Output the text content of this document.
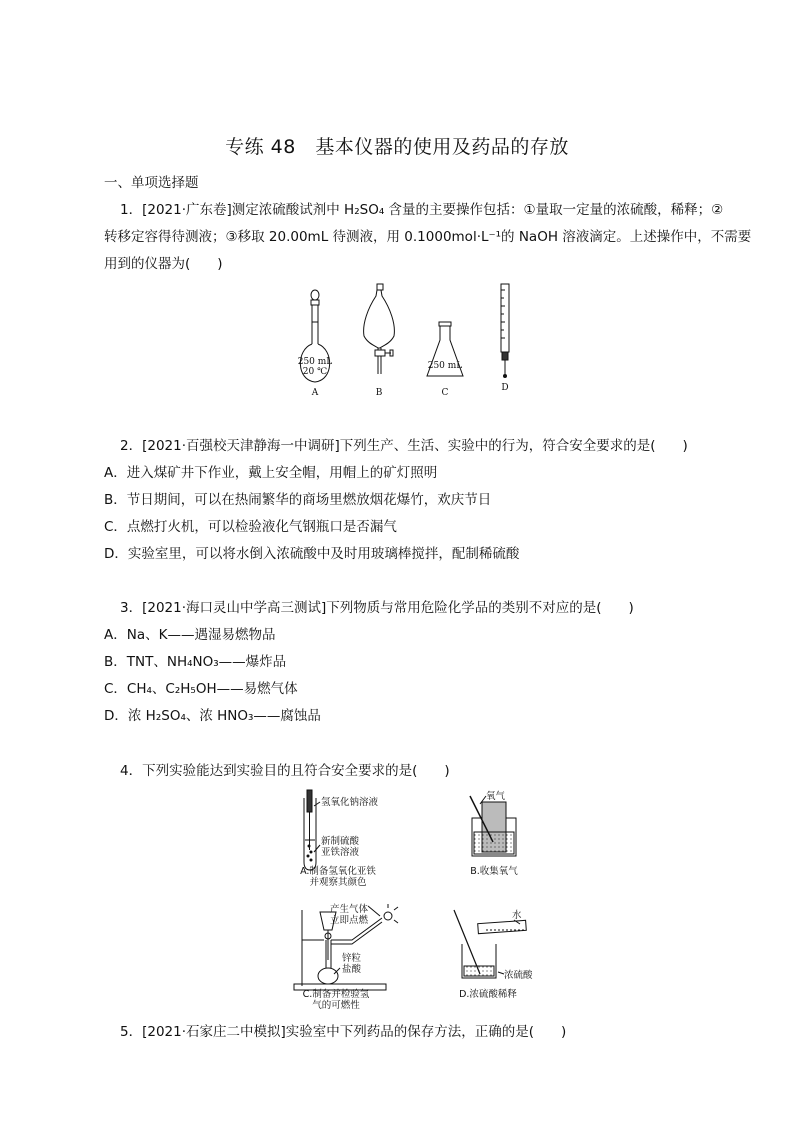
专练 48　基本仪器的使用及药品的存放
一、单项选择题
1．[2021·广东卷]测定浓硫酸试剂中 H₂SO₄ 含量的主要操作包括：①量取一定量的浓硫酸，稀释；②
转移定容得待测液；③移取 20.00mL 待测液，用 0.1000mol·L⁻¹的 NaOH 溶液滴定。上述操作中，不需要
用到的仪器为(　　)
250 mL
20 ℃
A	B
250 mL
C	D
2．[2021·百强校天津静海一中调研]下列生产、生活、实验中的行为，符合安全要求的是(　　)
A．进入煤矿井下作业，戴上安全帽，用帽上的矿灯照明
B．节日期间，可以在热闹繁华的商场里燃放烟花爆竹，欢庆节日
C．点燃打火机，可以检验液化气钢瓶口是否漏气
D．实验室里，可以将水倒入浓硫酸中及时用玻璃棒搅拌，配制稀硫酸
3．[2021·海口灵山中学高三测试]下列物质与常用危险化学品的类别不对应的是(　　)
A．Na、K——遇湿易燃物品
B．TNT、NH₄NO₃——爆炸品
C．CH₄、C₂H₅OH——易燃气体
D．浓 H₂SO₄、浓 HNO₃——腐蚀品
4．下列实验能达到实验目的且符合安全要求的是(　　)
氢氧化钠溶液
新制硫酸
亚铁溶液
A.制备氢氧化亚铁
并观察其颜色
氧气
B.收集氧气
产生气体
立即点燃
锌粒
盐酸
C.制备并检验氢
气的可燃性
水
浓硫酸
D.浓硫酸稀释
5．[2021·石家庄二中模拟]实验室中下列药品的保存方法，正确的是(　　)
